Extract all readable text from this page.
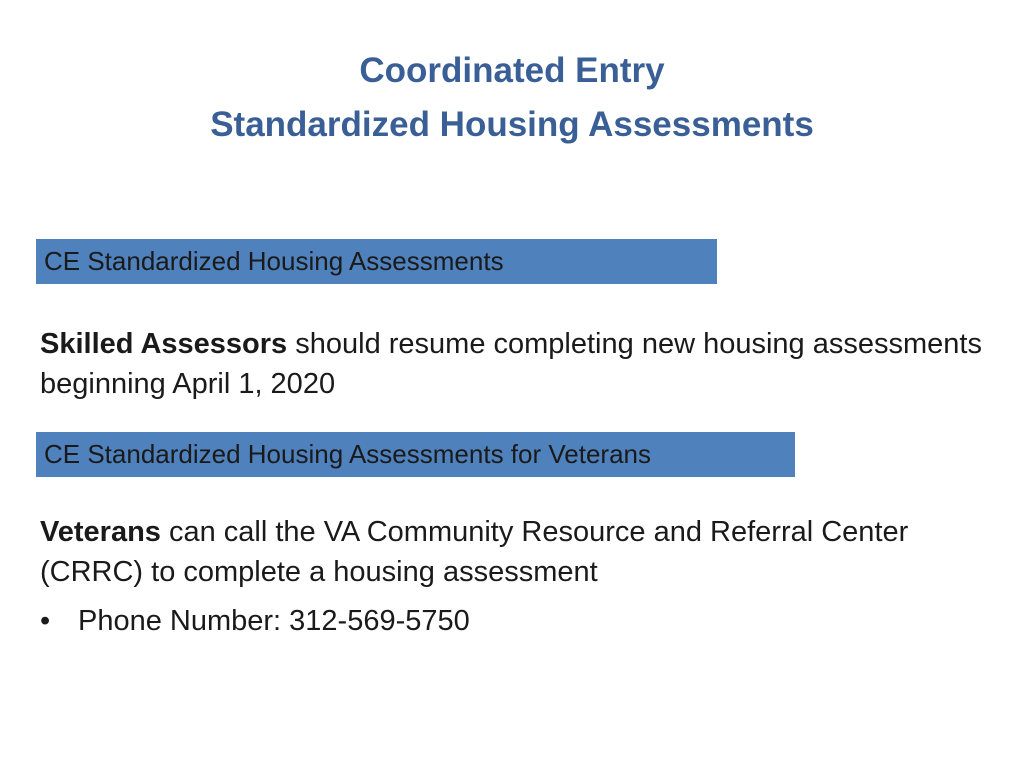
Coordinated Entry
Standardized Housing Assessments
CE Standardized Housing Assessments
Skilled Assessors should resume completing new housing assessments beginning April 1, 2020
CE Standardized Housing Assessments for Veterans
Veterans can call the VA Community Resource and Referral Center (CRRC) to complete a housing assessment
• Phone Number: 312-569-5750
